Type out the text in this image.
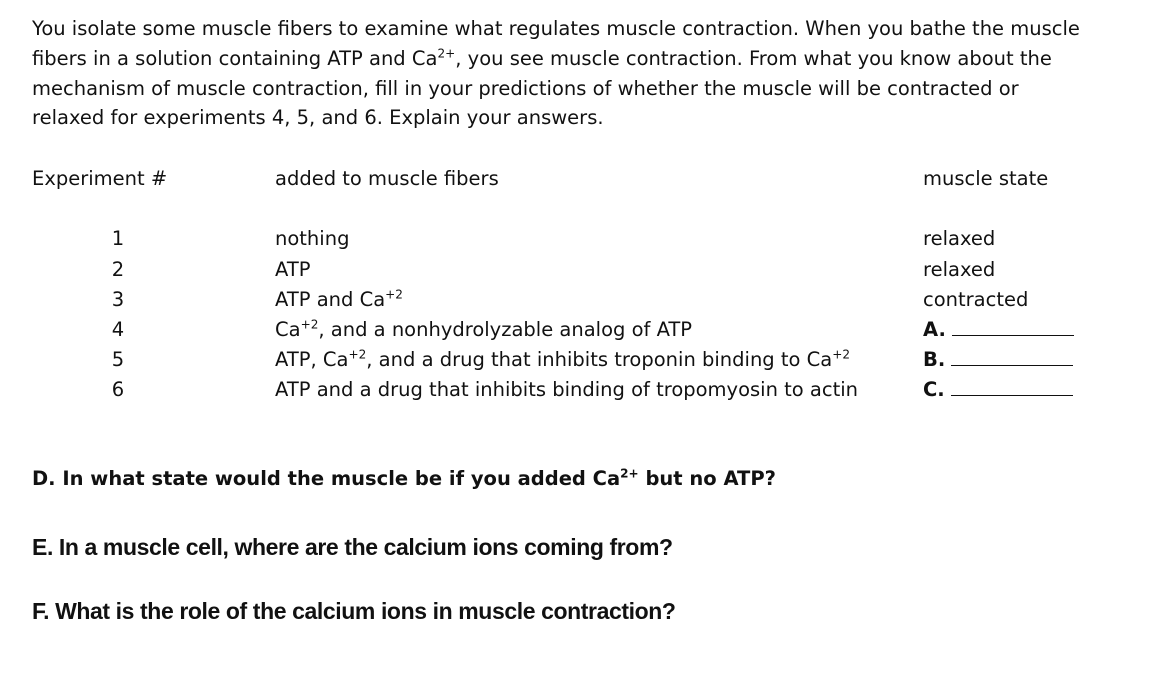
You isolate some muscle fibers to examine what regulates muscle contraction. When you bathe the muscle fibers in a solution containing ATP and $Ca^{2+}$, you see muscle contraction. From what you know about the mechanism of muscle contraction, fill in your predictions of whether the muscle will be contracted or relaxed for experiments 4, 5, and 6. Explain your answers.

Experiment #	added to muscle fibers	muscle state
1	nothing	relaxed
2	ATP	relaxed
3	ATP and $Ca^{+2}$	contracted
4	$Ca^{+2}$, and a nonhydrolyzable analog of ATP	A.
5	ATP, $Ca^{+2}$, and a drug that inhibits troponin binding to $Ca^{+2}$	B.
6	ATP and a drug that inhibits binding of tropomyosin to actin	C.
D. In what state would the muscle be if you added $Ca^{2+}$ but no ATP?
E. In a muscle cell, where are the calcium ions coming from?
F. What is the role of the calcium ions in muscle contraction?
